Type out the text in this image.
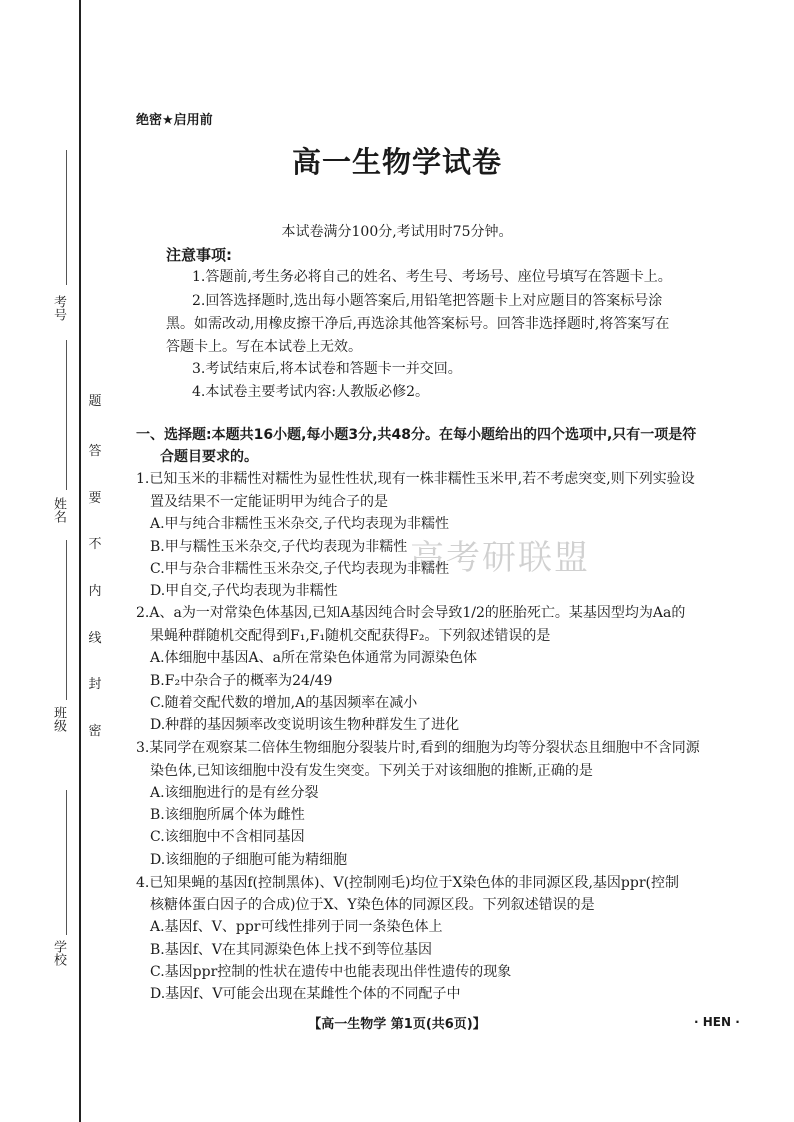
考号
姓名
班级
学校
题
答
要
不
内
线
封
密
绝密★启用前
高一生物学试卷
本试卷满分100分,考试用时75分钟。
注意事项:
1.答题前,考生务必将自己的姓名、考生号、考场号、座位号填写在答题卡上。
2.回答选择题时,选出每小题答案后,用铅笔把答题卡上对应题目的答案标号涂
黑。如需改动,用橡皮擦干净后,再选涂其他答案标号。回答非选择题时,将答案写在
答题卡上。写在本试卷上无效。
3.考试结束后,将本试卷和答题卡一并交回。
4.本试卷主要考试内容:人教版必修2。
一、选择题:本题共16小题,每小题3分,共48分。在每小题给出的四个选项中,只有一项是符
合题目要求的。
高考研联盟
1.已知玉米的非糯性对糯性为显性性状,现有一株非糯性玉米甲,若不考虑突变,则下列实验设
置及结果不一定能证明甲为纯合子的是
A.甲与纯合非糯性玉米杂交,子代均表现为非糯性
B.甲与糯性玉米杂交,子代均表现为非糯性
C.甲与杂合非糯性玉米杂交,子代均表现为非糯性
D.甲自交,子代均表现为非糯性
2.A、a为一对常染色体基因,已知A基因纯合时会导致1/2的胚胎死亡。某基因型均为Aa的
果蝇种群随机交配得到F₁,F₁随机交配获得F₂。下列叙述错误的是
A.体细胞中基因A、a所在常染色体通常为同源染色体
B.F₂中杂合子的概率为24/49
C.随着交配代数的增加,A的基因频率在减小
D.种群的基因频率改变说明该生物种群发生了进化
3.某同学在观察某二倍体生物细胞分裂装片时,看到的细胞为均等分裂状态且细胞中不含同源
染色体,已知该细胞中没有发生突变。下列关于对该细胞的推断,正确的是
A.该细胞进行的是有丝分裂
B.该细胞所属个体为雌性
C.该细胞中不含相同基因
D.该细胞的子细胞可能为精细胞
4.已知果蝇的基因f(控制黑体)、V(控制刚毛)均位于X染色体的非同源区段,基因ppr(控制
核糖体蛋白因子的合成)位于X、Y染色体的同源区段。下列叙述错误的是
A.基因f、V、ppr可线性排列于同一条染色体上
B.基因f、V在其同源染色体上找不到等位基因
C.基因ppr控制的性状在遗传中也能表现出伴性遗传的现象
D.基因f、V可能会出现在某雌性个体的不同配子中
【高一生物学 第1页(共6页)】	· HEN ·
